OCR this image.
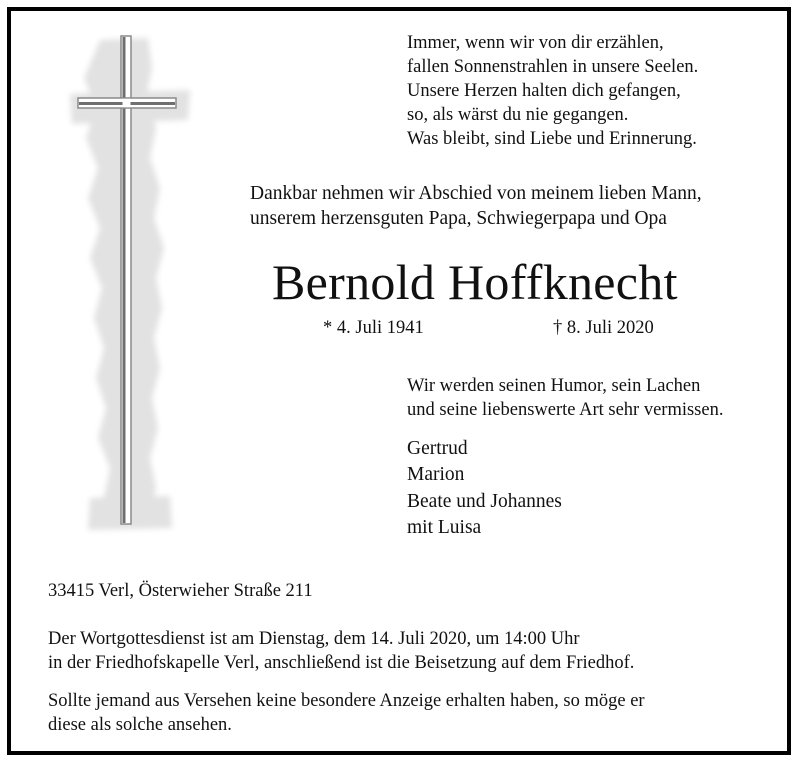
Immer, wenn wir von dir erzählen,
fallen Sonnenstrahlen in unsere Seelen.
Unsere Herzen halten dich gefangen,
so, als wärst du nie gegangen.
Was bleibt, sind Liebe und Erinnerung.
Dankbar nehmen wir Abschied von meinem lieben Mann,
unserem herzensguten Papa, Schwiegerpapa und Opa
Bernold Hoffknecht
* 4. Juli 1941	† 8. Juli 2020
Wir werden seinen Humor, sein Lachen
und seine liebenswerte Art sehr vermissen.
Gertrud
Marion
Beate und Johannes
mit Luisa
33415 Verl, Österwieher Straße 211
Der Wortgottesdienst ist am Dienstag, dem 14. Juli 2020, um 14:00 Uhr
in der Friedhofskapelle Verl, anschließend ist die Beisetzung auf dem Friedhof.
Sollte jemand aus Versehen keine besondere Anzeige erhalten haben, so möge er
diese als solche ansehen.
